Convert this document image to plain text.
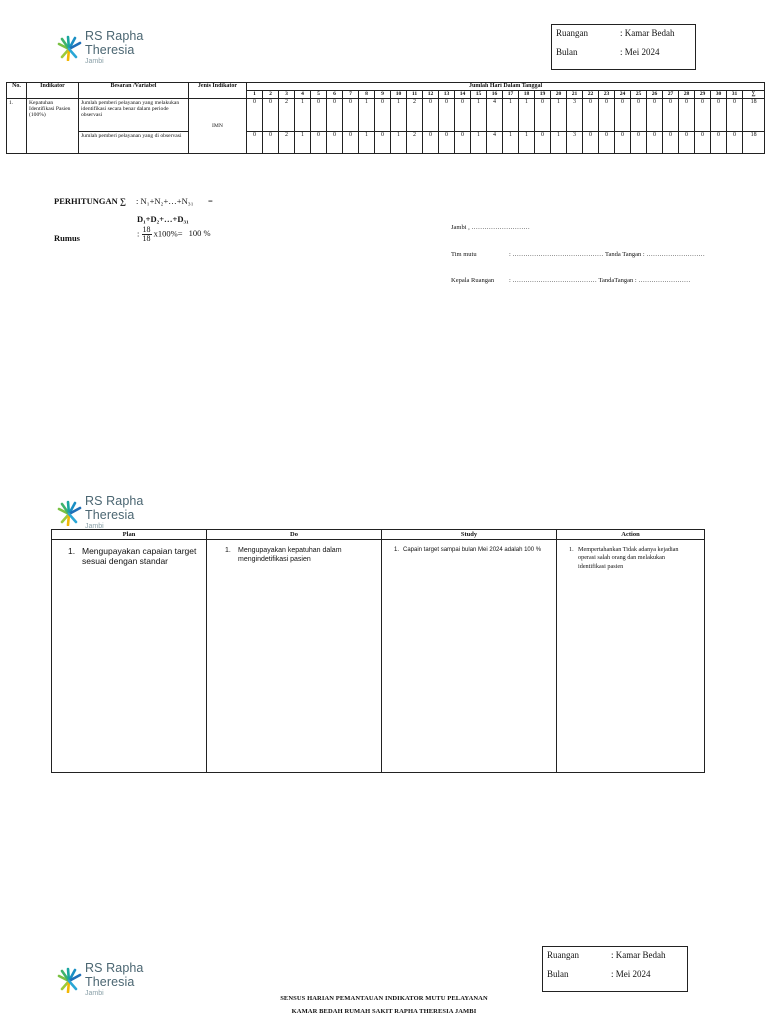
RS Rapha
Theresia
Jambi
Ruangan	: Kamar Bedah
Bulan	: Mei 2024
No.	Indikator	Besaran /Variabel	Jenis Indikator	Jumlah Hari Dalam Tanggal																															
				1	2	3	4	5	6	7	8	9	10	11	12	13	14	15	16	17	18	19	20	21	22	23	24	25	26	27	28	29	30	31	∑
1.	Kepatuhan Identifikasi Pasien (100%)	Jumlah pemberi pelayanan yang melakukan identifikasi secara benar dalam periode observasi	IMN	0	0	2	1	0	0	0	1	0	1	2	0	0	0	1	4	1	1	0	1	3	0	0	0	0	0	0	0	0	0	0	18
		Jumlah pemberi pelayanan yang di observasi		0	0	2	1	0	0	0	1	0	1	2	0	0	0	1	4	1	1	0	1	3	0	0	0	0	0	0	0	0	0	0	18
PERHITUNGAN ∑ : N₁+N₂+…+N₃₁ =
D₁+D₂+…+D₃₁
Rumus	: $\frac{18}{18} x100\%= 100$ %
Jambi , ………………………
Tim mutu	: …………………………………… Tanda Tangan : ………………………
Kepala Ruangan : ………………………………… TandaTangan : ……………………
RS Rapha
Theresia
Jambi
Plan	Do	Study	Action

1. Mengupayakan capaian target sesuai dengan standar	1. Mengupayakan kepatuhan dalam mengindetifikasi pasien	1. Capain target sampai bulan Mei 2024 adalah 100 %	1. Mempertahankan Tidak adanya kejadian operasi salah orang dan melakukan identifikasi pasien
RS Rapha
Theresia
Jambi
Ruangan	: Kamar Bedah
Bulan	: Mei 2024
SENSUS HARIAN PEMANTAUAN INDIKATOR MUTU PELAYANAN
KAMAR BEDAH RUMAH SAKIT RAPHA THERESIA JAMBI
